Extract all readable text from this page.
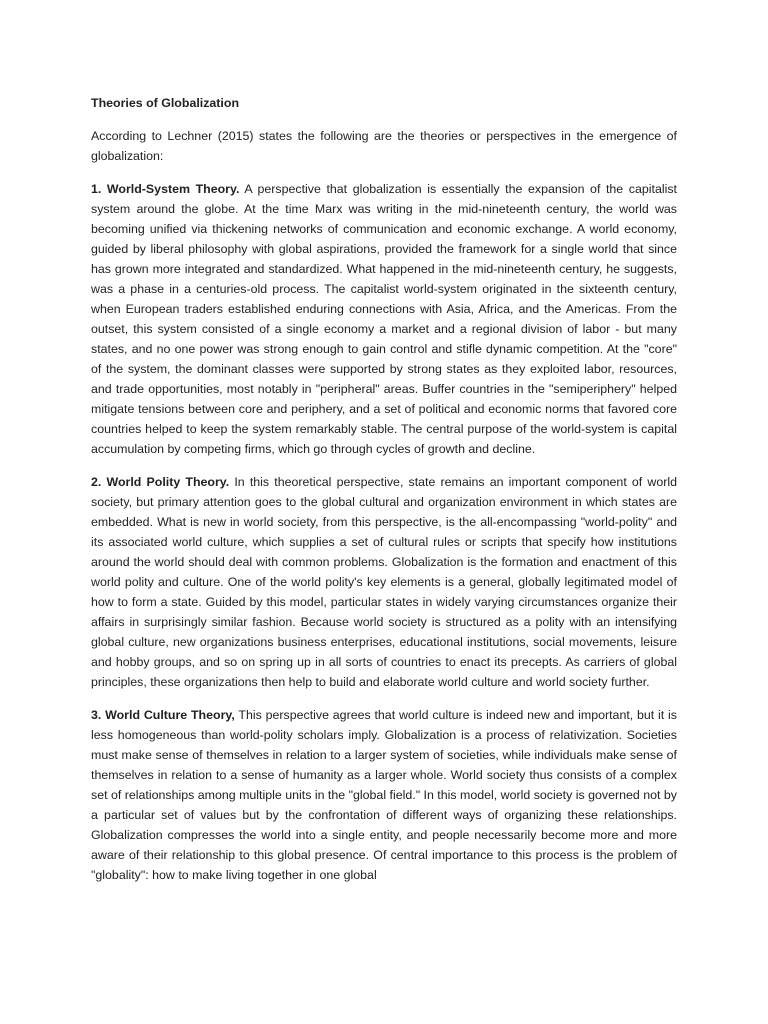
Theories of Globalization

According to Lechner (2015) states the following are the theories or perspectives in the emergence of globalization:

1. World-System Theory. A perspective that globalization is essentially the expansion of the capitalist system around the globe. At the time Marx was writing in the mid-nineteenth century, the world was becoming unified via thickening networks of communication and economic exchange. A world economy, guided by liberal philosophy with global aspirations, provided the framework for a single world that since has grown more integrated and standardized. What happened in the mid-nineteenth century, he suggests, was a phase in a centuries-old process. The capitalist world-system originated in the sixteenth century, when European traders established enduring connections with Asia, Africa, and the Americas. From the outset, this system consisted of a single economy a market and a regional division of labor - but many states, and no one power was strong enough to gain control and stifle dynamic competition. At the "core" of the system, the dominant classes were supported by strong states as they exploited labor, resources, and trade opportunities, most notably in "peripheral" areas. Buffer countries in the "semiperiphery" helped mitigate tensions between core and periphery, and a set of political and economic norms that favored core countries helped to keep the system remarkably stable. The central purpose of the world-system is capital accumulation by competing firms, which go through cycles of growth and decline.

2. World Polity Theory. In this theoretical perspective, state remains an important component of world society, but primary attention goes to the global cultural and organization environment in which states are embedded. What is new in world society, from this perspective, is the all-encompassing "world-polity" and its associated world culture, which supplies a set of cultural rules or scripts that specify how institutions around the world should deal with common problems. Globalization is the formation and enactment of this world polity and culture. One of the world polity's key elements is a general, globally legitimated model of how to form a state. Guided by this model, particular states in widely varying circumstances organize their affairs in surprisingly similar fashion. Because world society is structured as a polity with an intensifying global culture, new organizations business enterprises, educational institutions, social movements, leisure and hobby groups, and so on spring up in all sorts of countries to enact its precepts. As carriers of global principles, these organizations then help to build and elaborate world culture and world society further.

3. World Culture Theory, This perspective agrees that world culture is indeed new and important, but it is less homogeneous than world-polity scholars imply. Globalization is a process of relativization. Societies must make sense of themselves in relation to a larger system of societies, while individuals make sense of themselves in relation to a sense of humanity as a larger whole. World society thus consists of a complex set of relationships among multiple units in the "global field." In this model, world society is governed not by a particular set of values but by the confrontation of different ways of organizing these relationships. Globalization compresses the world into a single entity, and people necessarily become more and more aware of their relationship to this global presence. Of central importance to this process is the problem of "globality": how to make living together in one global
